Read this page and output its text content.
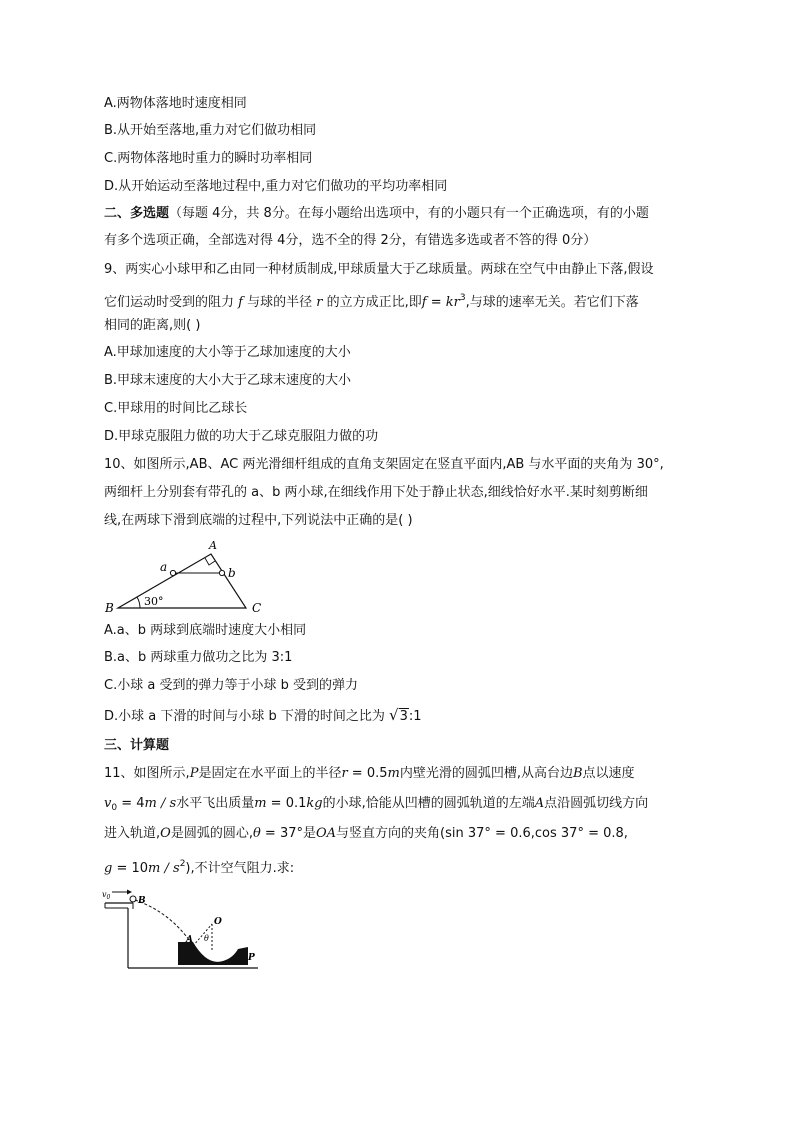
A.两物体落地时速度相同
B.从开始至落地,重力对它们做功相同
C.两物体落地时重力的瞬时功率相同
D.从开始运动至落地过程中,重力对它们做功的平均功率相同
二、多选题（每题 4分，共 8分。在每小题给出选项中，有的小题只有一个正确选项，有的小题
有多个选项正确，全部选对得 4分，选不全的得 2分，有错选多选或者不答的得 0分）
9、两实心小球甲和乙由同一种材质制成,甲球质量大于乙球质量。两球在空气中由静止下落,假设
它们运动时受到的阻力 f 与球的半径 r 的立方成正比,即$f = kr^3$,与球的速率无关。若它们下落
相同的距离,则( )
A.甲球加速度的大小等于乙球加速度的大小
B.甲球末速度的大小大于乙球末速度的大小
C.甲球用的时间比乙球长
D.甲球克服阻力做的功大于乙球克服阻力做的功
10、如图所示,AB、AC 两光滑细杆组成的直角支架固定在竖直平面内,AB 与水平面的夹角为 30°,
两细杆上分别套有带孔的 a、b 两小球,在细线作用下处于静止状态,细线恰好水平.某时刻剪断细
线,在两球下滑到底端的过程中,下列说法中正确的是( )
A
B	C
a	b
30°
A.a、b 两球到底端时速度大小相同
B.a、b 两球重力做功之比为 3:1
C.小球 a 受到的弹力等于小球 b 受到的弹力
D.小球 a 下滑的时间与小球 b 下滑的时间之比为 √3:1
三、计算题
11、如图所示,P是固定在水平面上的半径r = 0.5m内壁光滑的圆弧凹槽,从高台边B点以速度
$v_0 = 4m / s$水平飞出质量m = 0.1kg的小球,恰能从凹槽的圆弧轨道的左端A点沿圆弧切线方向
进入轨道,O是圆弧的圆心,θ = 37°是OA与竖直方向的夹角(sin 37° = 0.6,cos 37° = 0.8,
$g = 10m / s^2$),不计空气阻力.求:
$v_0$	B
O
A θ
P
